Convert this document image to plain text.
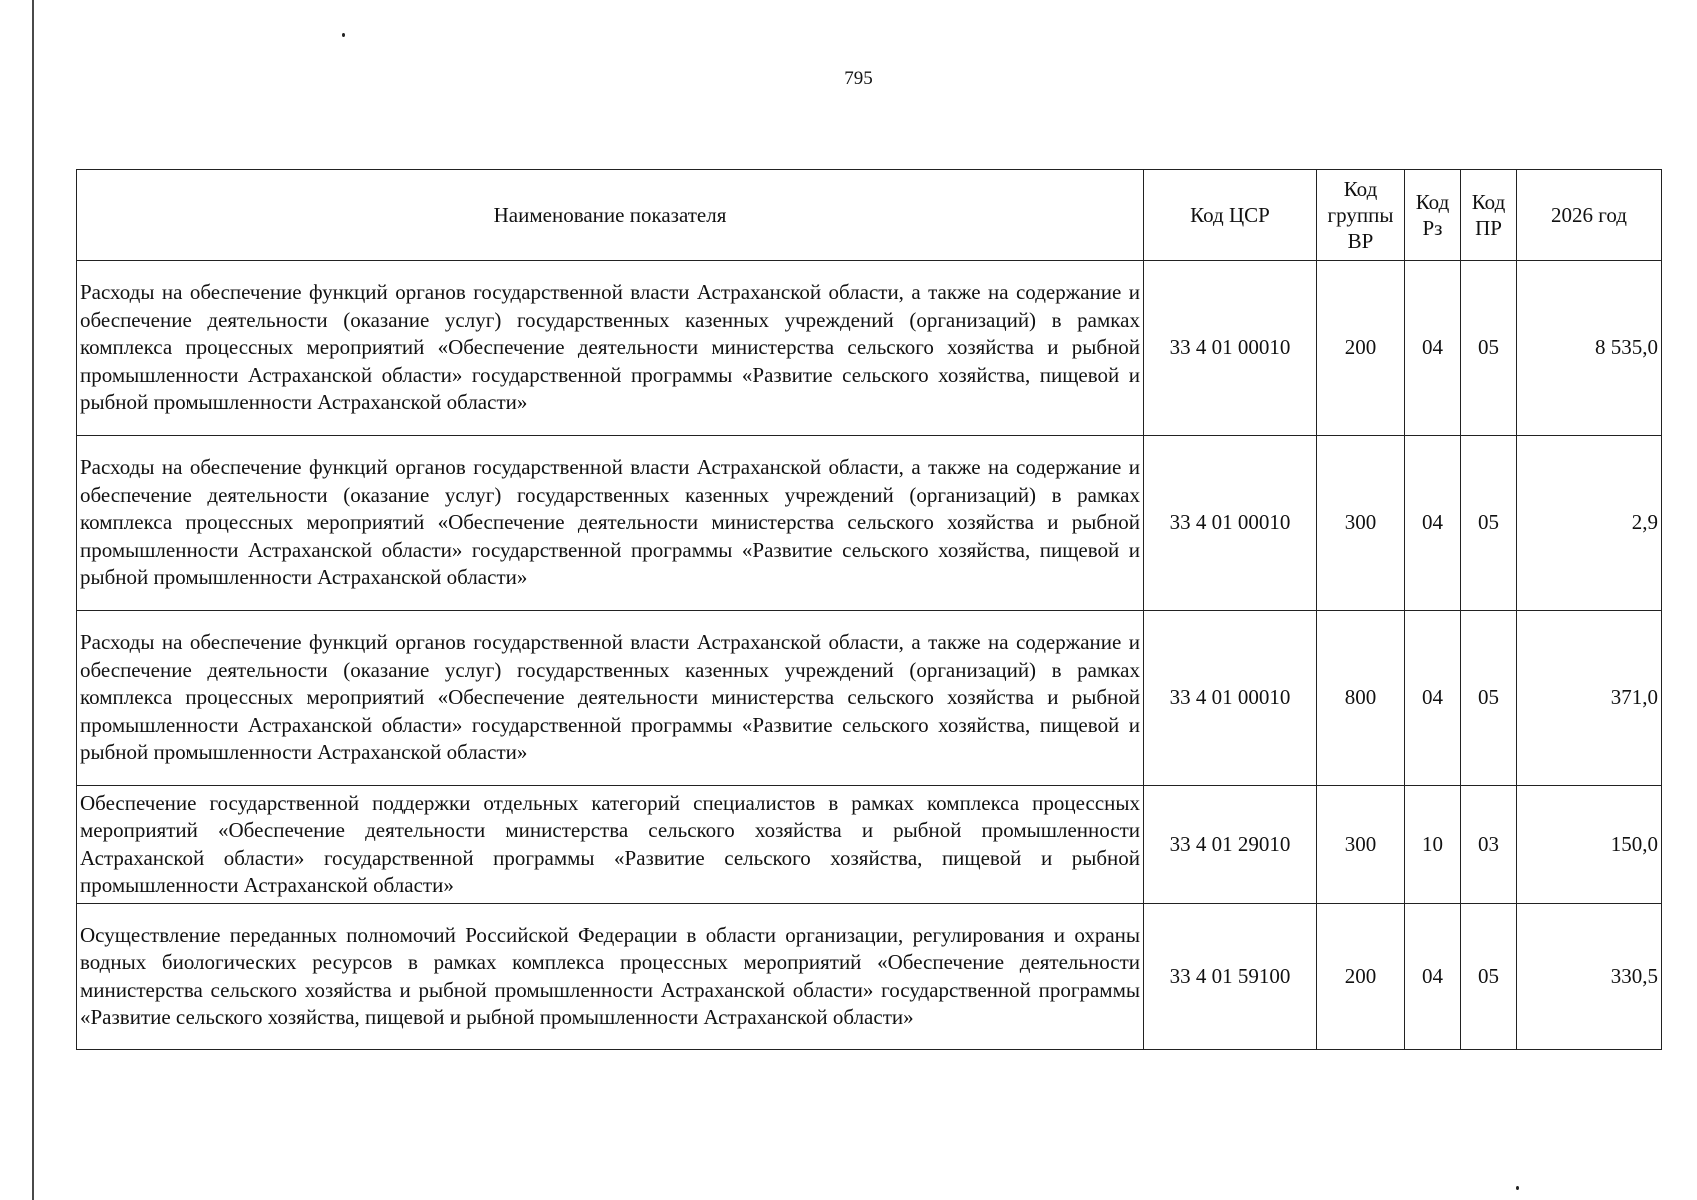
795
Наименование показателя	Код ЦСР	Код группы ВР	Код Рз	Код ПР	2026 год
Расходы на обеспечение функций органов государственной власти Астраханской области, а также на содержание и обеспечение деятельности (оказание услуг) государственных казенных учреждений (организаций) в рамках комплекса процессных мероприятий «Обеспечение деятельности министерства сельского хозяйства и рыбной промышленности Астраханской области» государственной программы «Развитие сельского хозяйства, пищевой и рыбной промышленности Астраханской области»	33 4 01 00010	200	04	05	8 535,0
Расходы на обеспечение функций органов государственной власти Астраханской области, а также на содержание и обеспечение деятельности (оказание услуг) государственных казенных учреждений (организаций) в рамках комплекса процессных мероприятий «Обеспечение деятельности министерства сельского хозяйства и рыбной промышленности Астраханской области» государственной программы «Развитие сельского хозяйства, пищевой и рыбной промышленности Астраханской области»	33 4 01 00010	300	04	05	2,9
Расходы на обеспечение функций органов государственной власти Астраханской области, а также на содержание и обеспечение деятельности (оказание услуг) государственных казенных учреждений (организаций) в рамках комплекса процессных мероприятий «Обеспечение деятельности министерства сельского хозяйства и рыбной промышленности Астраханской области» государственной программы «Развитие сельского хозяйства, пищевой и рыбной промышленности Астраханской области»	33 4 01 00010	800	04	05	371,0
Обеспечение государственной поддержки отдельных категорий специалистов в рамках комплекса процессных мероприятий «Обеспечение деятельности министерства сельского хозяйства и рыбной промышленности Астраханской области» государственной программы «Развитие сельского хозяйства, пищевой и рыбной промышленности Астраханской области»	33 4 01 29010	300	10	03	150,0
Осуществление переданных полномочий Российской Федерации в области организации, регулирования и охраны водных биологических ресурсов в рамках комплекса процессных мероприятий «Обеспечение деятельности министерства сельского хозяйства и рыбной промышленности Астраханской области» государственной программы «Развитие сельского хозяйства, пищевой и рыбной промышленности Астраханской области»	33 4 01 59100	200	04	05	330,5
